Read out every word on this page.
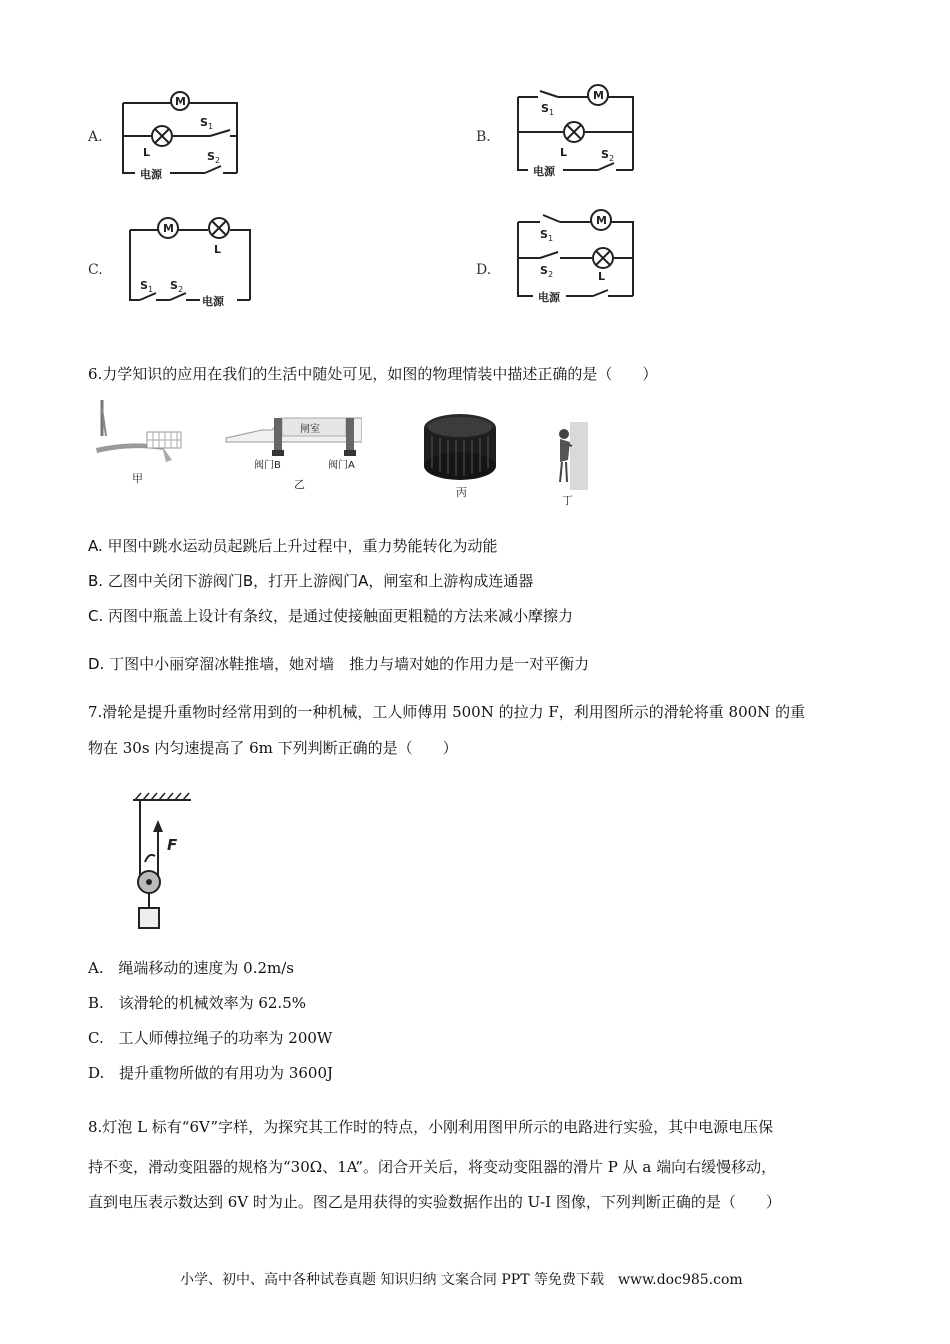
A.
M
L
S 1
S 2
电源
B.
M
L
S 1
S 2
电源
C.
M
L
S 1 S 2
电源
D.
M
L
S 1
S 2
电源
6.力学知识的应用在我们的生活中随处可见，如图的物理情装中描述正确的是（　　）
甲
闸室
阀门B	阀门A
乙
丙
丁
A. 甲图中跳水运动员起跳后上升过程中，重力势能转化为动能
B. 乙图中关闭下游阀门B，打开上游阀门A，闸室和上游构成连通器
C. 丙图中瓶盖上设计有条纹，是通过使接触面更粗糙的方法来减小摩擦力
D. 丁图中小丽穿溜冰鞋推墙，她对墙　推力与墙对她的作用力是一对平衡力
7.滑轮是提升重物时经常用到的一种机械，工人师傅用 500N 的拉力 F，利用图所示的滑轮将重 800N 的重
物在 30s 内匀速提高了 6m 下列判断正确的是（　　）
F
A. 绳端移动的速度为 0.2m/s
B. 该滑轮的机械效率为 62.5%
C. 工人师傅拉绳子的功率为 200W
D. 提升重物所做的有用功为 3600J
8.灯泡 L 标有“6V”字样，为探究其工作时的特点，小刚利用图甲所示的电路进行实验，其中电源电压保
持不变，滑动变阻器的规格为“30Ω、1A”。闭合开关后，将变动变阻器的滑片 P 从 a 端向右缓慢移动，
直到电压表示数达到 6V 时为止。图乙是用获得的实验数据作出的 U-I 图像，下列判断正确的是（　　）
小学、初中、高中各种试卷真题 知识归纳 文案合同 PPT 等免费下载　www.doc985.com
